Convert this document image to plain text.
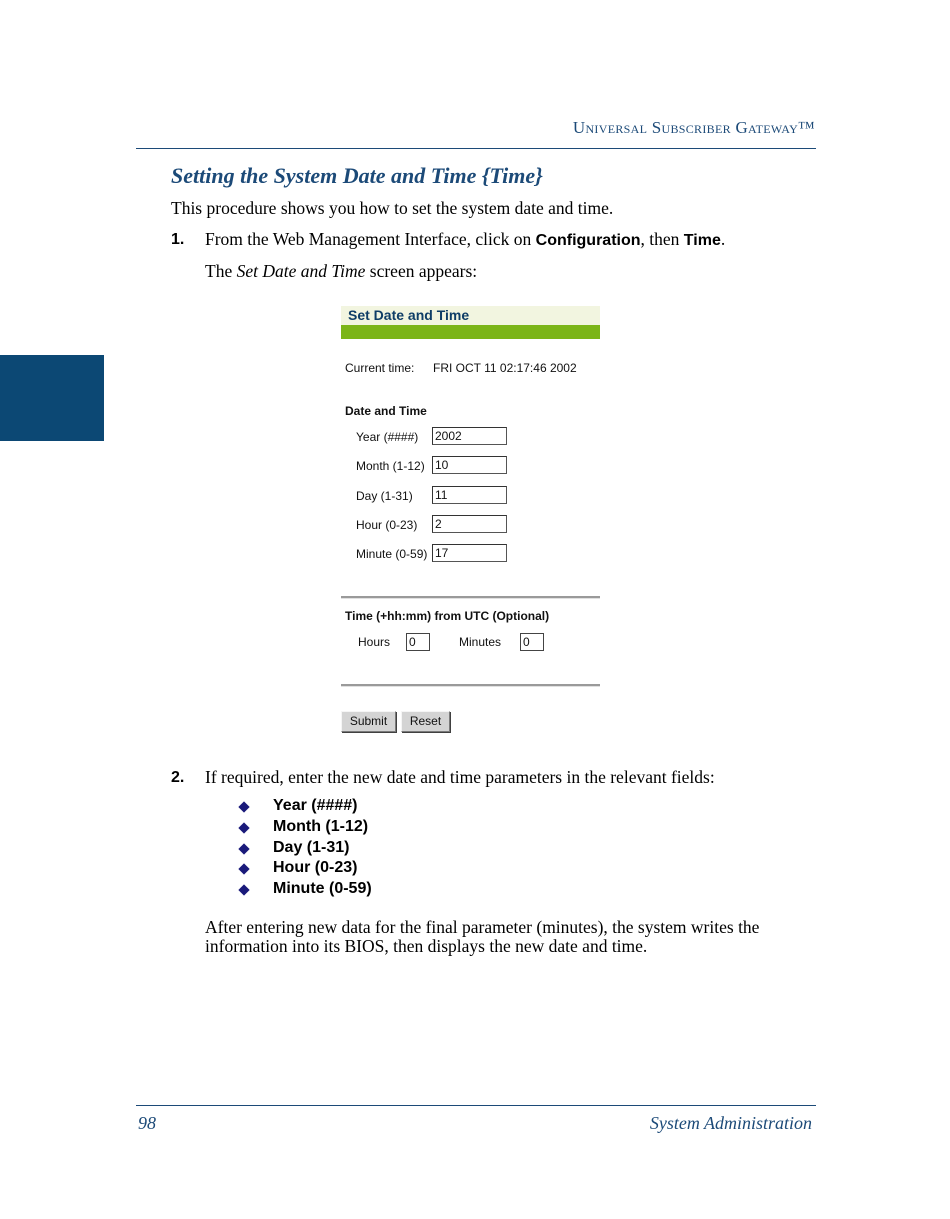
Universal Subscriber Gateway™
Setting the System Date and Time {Time}
This procedure shows you how to set the system date and time.
1. From the Web Management Interface, click on Configuration, then Time.
The Set Date and Time screen appears:
Set Date and Time
Current time: FRI OCT 11 02:17:46 2002
Date and Time
Year (####) 2002
Month (1-12) 10
Day (1-31) 11
Hour (0-23) 2
Minute (0-59) 17
Time (+hh:mm) from UTC (Optional)
Hours 0	Minutes 0
Submit	Reset
2. If required, enter the new date and time parameters in the relevant fields:
Year (####)
Month (1-12)
Day (1-31)
Hour (0-23)
Minute (0-59)
After entering new data for the final parameter (minutes), the system writes the information into its BIOS, then displays the new date and time.
98	System Administration
